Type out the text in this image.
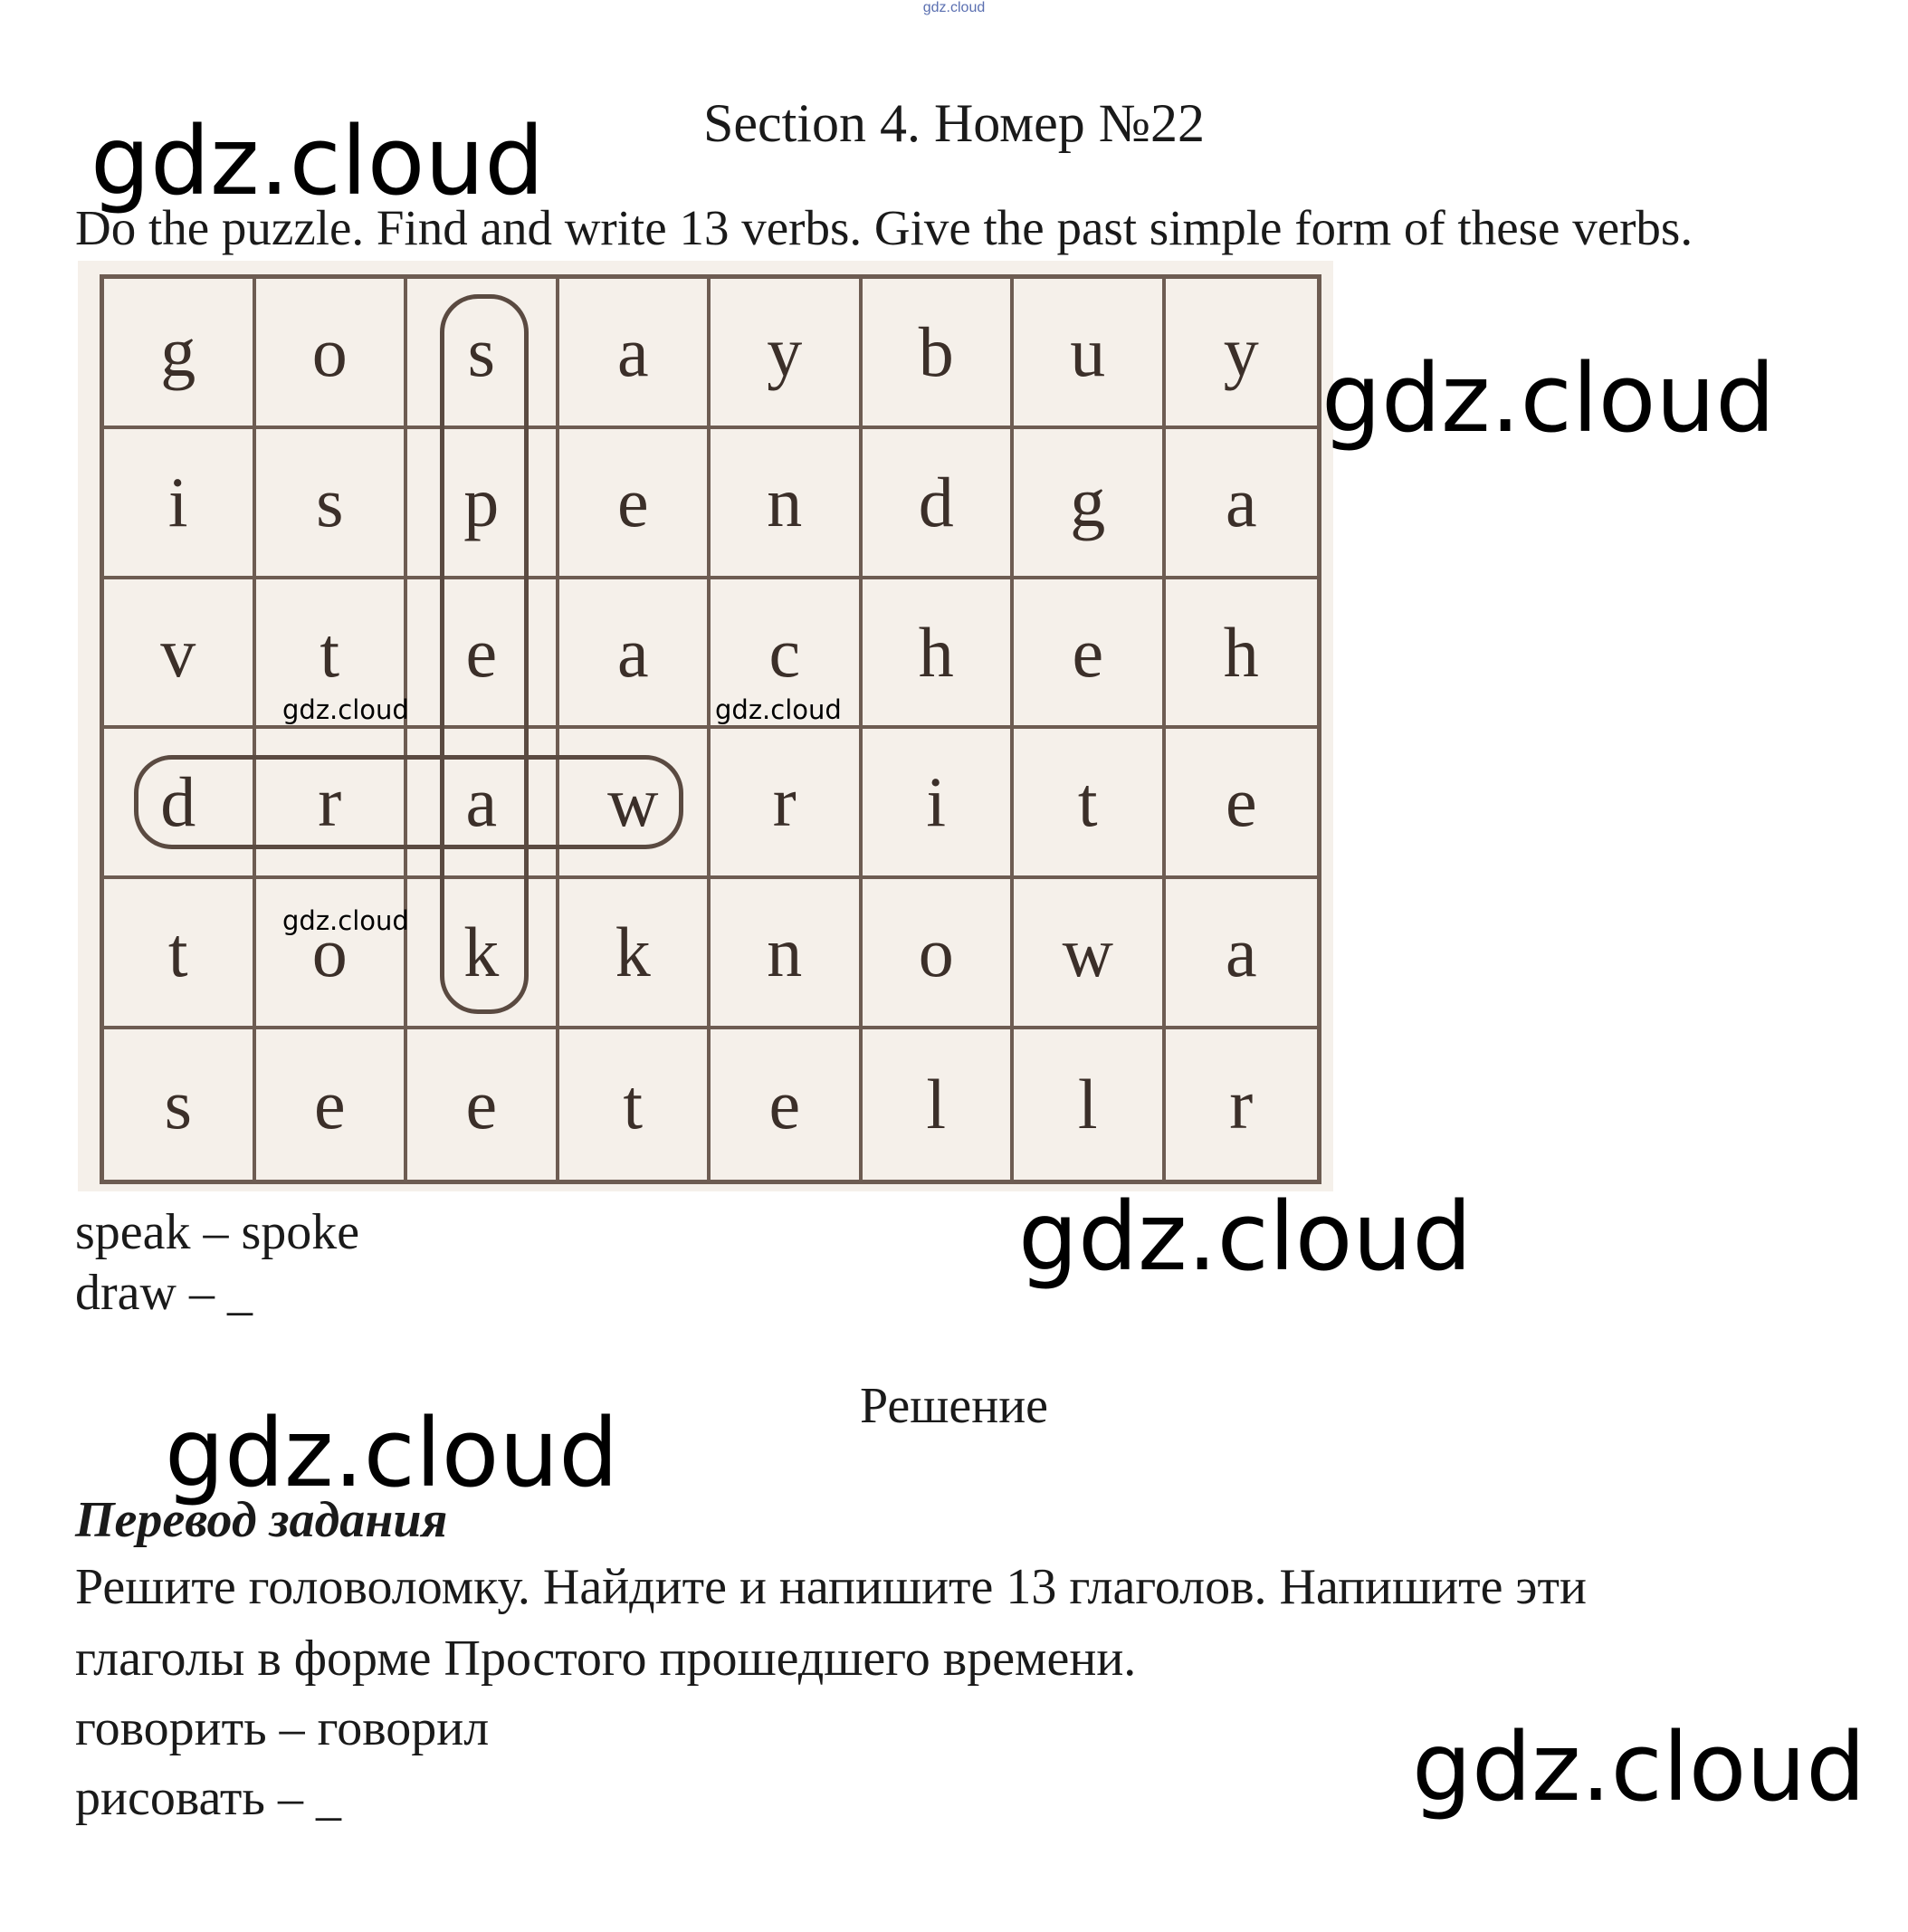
gdz.cloud
Section 4. Номер №22
gdz.cloud
Do the puzzle. Find and write 13 verbs. Give the past simple form of these verbs.
g	o	s	a	y	b	u	y
i	s	p	e	n	d	g	a
v	t	e	a	c	h	e	h
d	r	a	w	r	i	t	e
t	o	k	k	n	o	w	a
s	e	e	t	e	l	l	r
gdz.cloud	gdz.cloud
gdz.cloud
gdz.cloud
speak – spoke
draw – _
gdz.cloud
Решение
gdz.cloud
Перевод задания
Решите головоломку. Найдите и напишите 13 глаголов. Напишите эти
глаголы в форме Простого прошедшего времени.
говорить – говорил
рисовать – _	gdz.cloud
